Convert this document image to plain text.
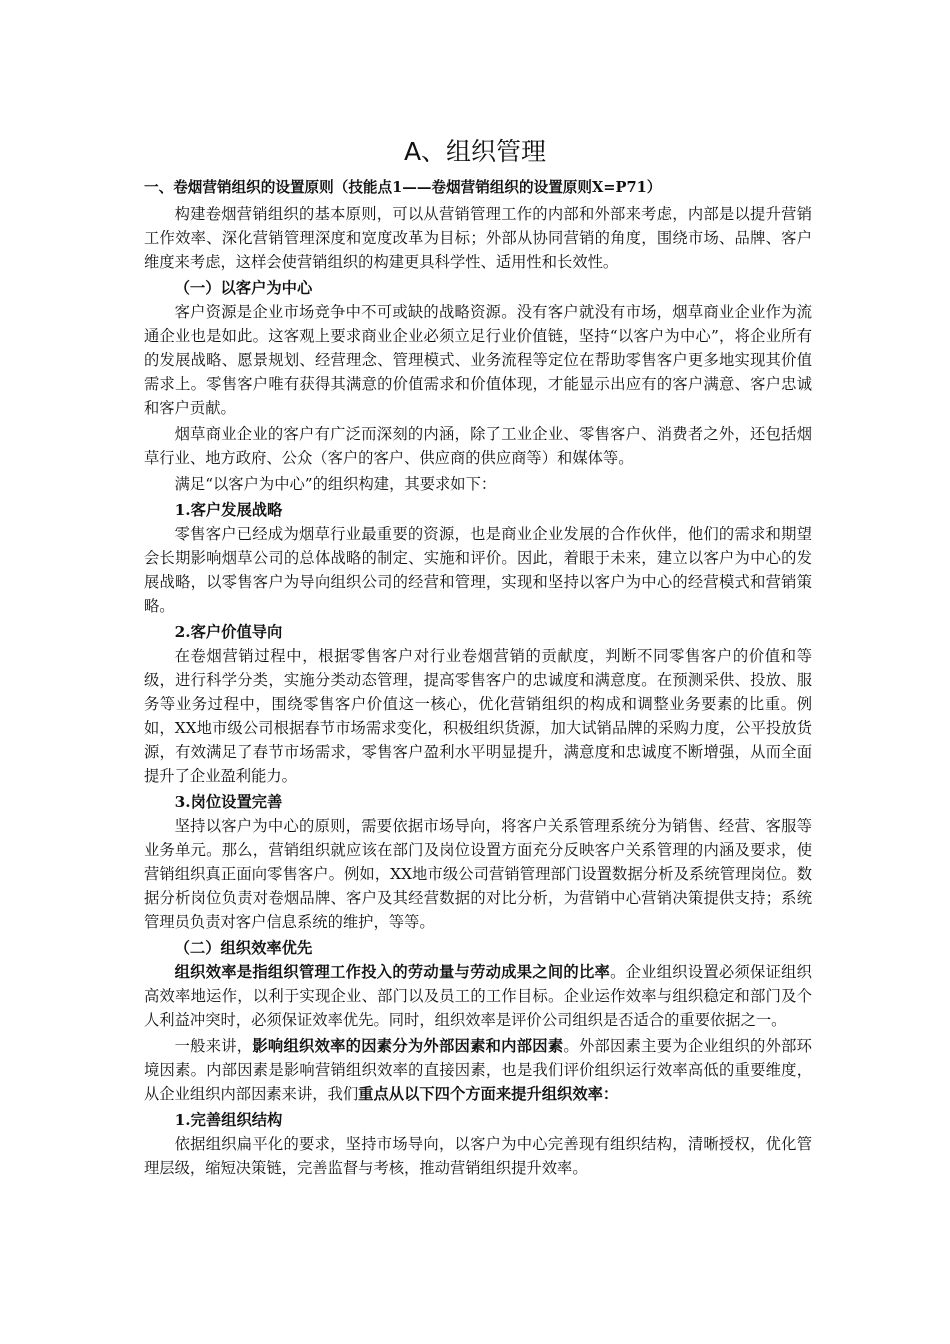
A、组织管理
一、卷烟营销组织的设置原则（技能点1——卷烟营销组织的设置原则X=P71）

构建卷烟营销组织的基本原则，可以从营销管理工作的内部和外部来考虑，内部是以提升营销工作效率、深化营销管理深度和宽度改革为目标；外部从协同营销的角度，围绕市场、品牌、客户维度来考虑，这样会使营销组织的构建更具科学性、适用性和长效性。

（一）以客户为中心

客户资源是企业市场竞争中不可或缺的战略资源。没有客户就没有市场，烟草商业企业作为流通企业也是如此。这客观上要求商业企业必须立足行业价值链，坚持“以客户为中心”，将企业所有的发展战略、愿景规划、经营理念、管理模式、业务流程等定位在帮助零售客户更多地实现其价值需求上。零售客户唯有获得其满意的价值需求和价值体现，才能显示出应有的客户满意、客户忠诚和客户贡献。

烟草商业企业的客户有广泛而深刻的内涵，除了工业企业、零售客户、消费者之外，还包括烟草行业、地方政府、公众（客户的客户、供应商的供应商等）和媒体等。

满足“以客户为中心”的组织构建，其要求如下：

1.客户发展战略

零售客户已经成为烟草行业最重要的资源，也是商业企业发展的合作伙伴，他们的需求和期望会长期影响烟草公司的总体战略的制定、实施和评价。因此，着眼于未来，建立以客户为中心的发展战略，以零售客户为导向组织公司的经营和管理，实现和坚持以客户为中心的经营模式和营销策略。

2.客户价值导向

在卷烟营销过程中，根据零售客户对行业卷烟营销的贡献度，判断不同零售客户的价值和等级，进行科学分类，实施分类动态管理，提高零售客户的忠诚度和满意度。在预测采供、投放、服务等业务过程中，围绕零售客户价值这一核心，优化营销组织的构成和调整业务要素的比重。例如，XX地市级公司根据春节市场需求变化，积极组织货源，加大试销品牌的采购力度，公平投放货源，有效满足了春节市场需求，零售客户盈利水平明显提升，满意度和忠诚度不断增强，从而全面提升了企业盈利能力。

3.岗位设置完善

坚持以客户为中心的原则，需要依据市场导向，将客户关系管理系统分为销售、经营、客服等业务单元。那么，营销组织就应该在部门及岗位设置方面充分反映客户关系管理的内涵及要求，使营销组织真正面向零售客户。例如，XX地市级公司营销管理部门设置数据分析及系统管理岗位。数据分析岗位负责对卷烟品牌、客户及其经营数据的对比分析，为营销中心营销决策提供支持；系统管理员负责对客户信息系统的维护，等等。

（二）组织效率优先

组织效率是指组织管理工作投入的劳动量与劳动成果之间的比率。企业组织设置必须保证组织高效率地运作，以利于实现企业、部门以及员工的工作目标。企业运作效率与组织稳定和部门及个人利益冲突时，必须保证效率优先。同时，组织效率是评价公司组织是否适合的重要依据之一。

一般来讲，影响组织效率的因素分为外部因素和内部因素。外部因素主要为企业组织的外部环境因素。内部因素是影响营销组织效率的直接因素，也是我们评价组织运行效率高低的重要维度，从企业组织内部因素来讲，我们重点从以下四个方面来提升组织效率：

1.完善组织结构

依据组织扁平化的要求，坚持市场导向，以客户为中心完善现有组织结构，清晰授权，优化管理层级，缩短决策链，完善监督与考核，推动营销组织提升效率。
